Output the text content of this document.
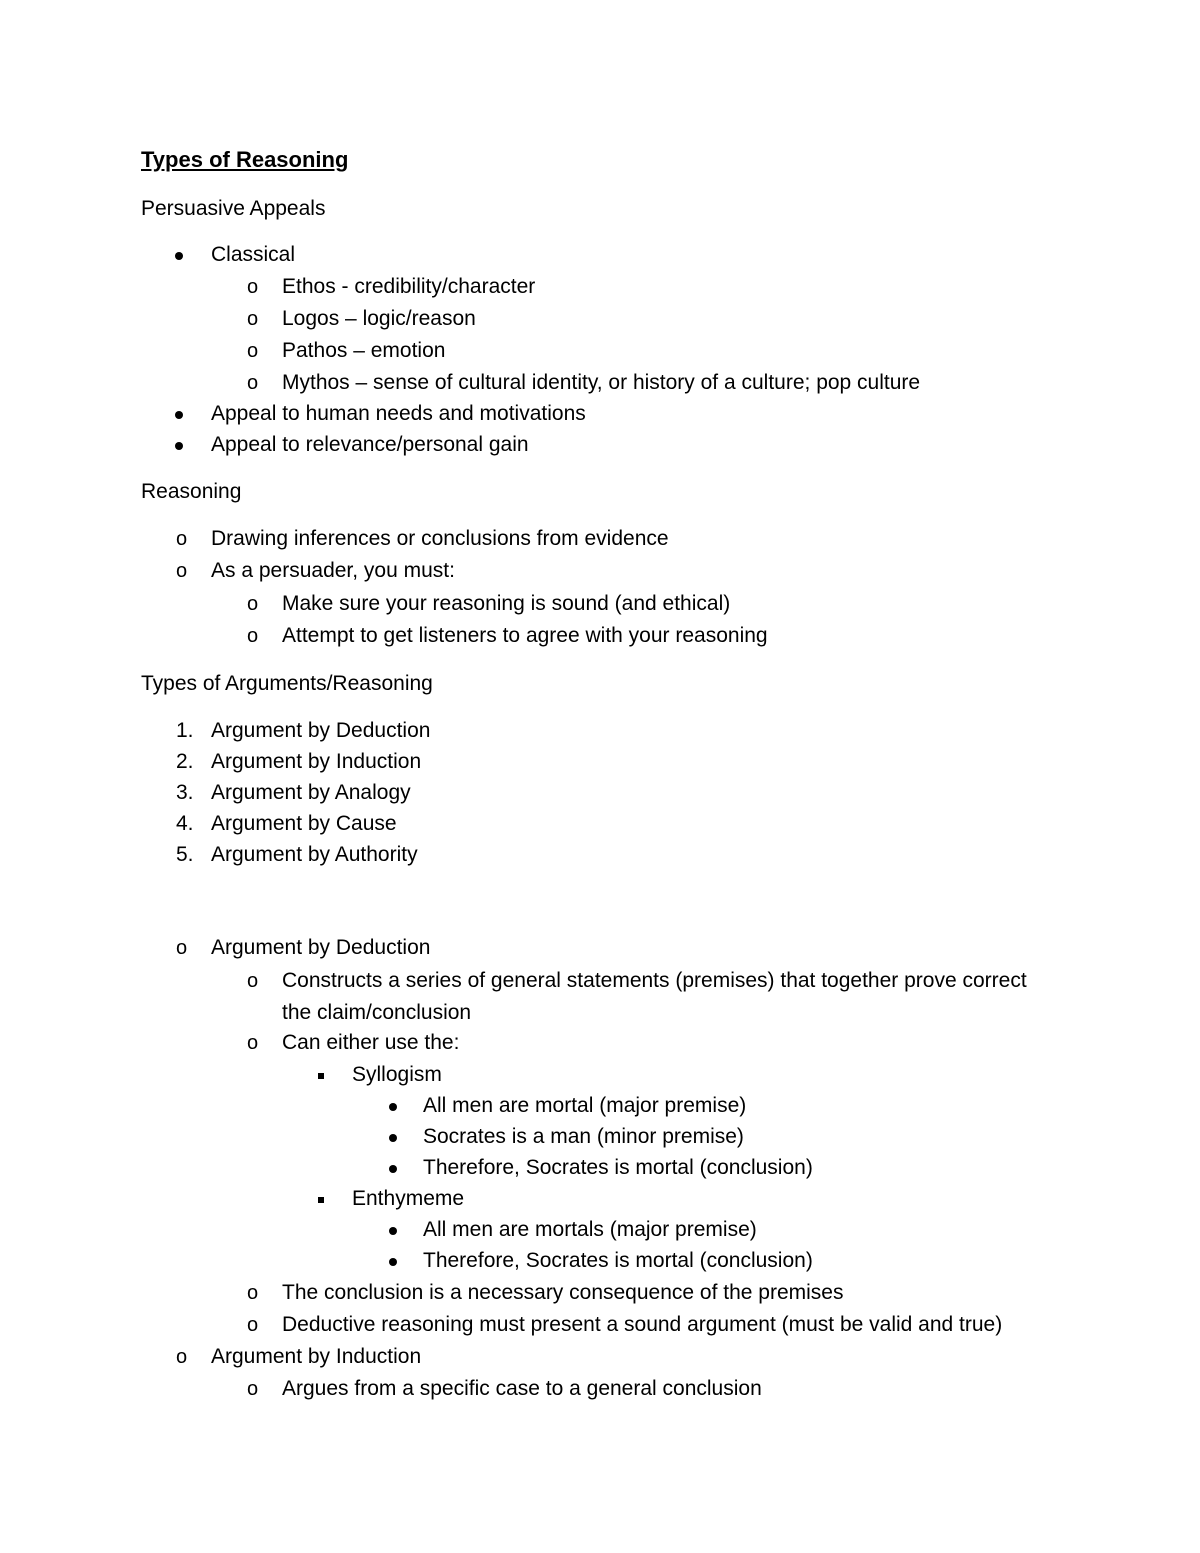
Types of Reasoning
Persuasive Appeals
Classical
o Ethos - credibility/character
o Logos – logic/reason
o Pathos – emotion
o Mythos – sense of cultural identity, or history of a culture; pop culture
Appeal to human needs and motivations
Appeal to relevance/personal gain
Reasoning
o Drawing inferences or conclusions from evidence
o As a persuader, you must:
o Make sure your reasoning is sound (and ethical)
o Attempt to get listeners to agree with your reasoning
Types of Arguments/Reasoning
1. Argument by Deduction
2. Argument by Induction
3. Argument by Analogy
4. Argument by Cause
5. Argument by Authority
o Argument by Deduction
o Constructs a series of general statements (premises) that together prove correct
the claim/conclusion
o Can either use the:
Syllogism
All men are mortal (major premise)
Socrates is a man (minor premise)
Therefore, Socrates is mortal (conclusion)
Enthymeme
All men are mortals (major premise)
Therefore, Socrates is mortal (conclusion)
o The conclusion is a necessary consequence of the premises
o Deductive reasoning must present a sound argument (must be valid and true)
o Argument by Induction
o Argues from a specific case to a general conclusion
